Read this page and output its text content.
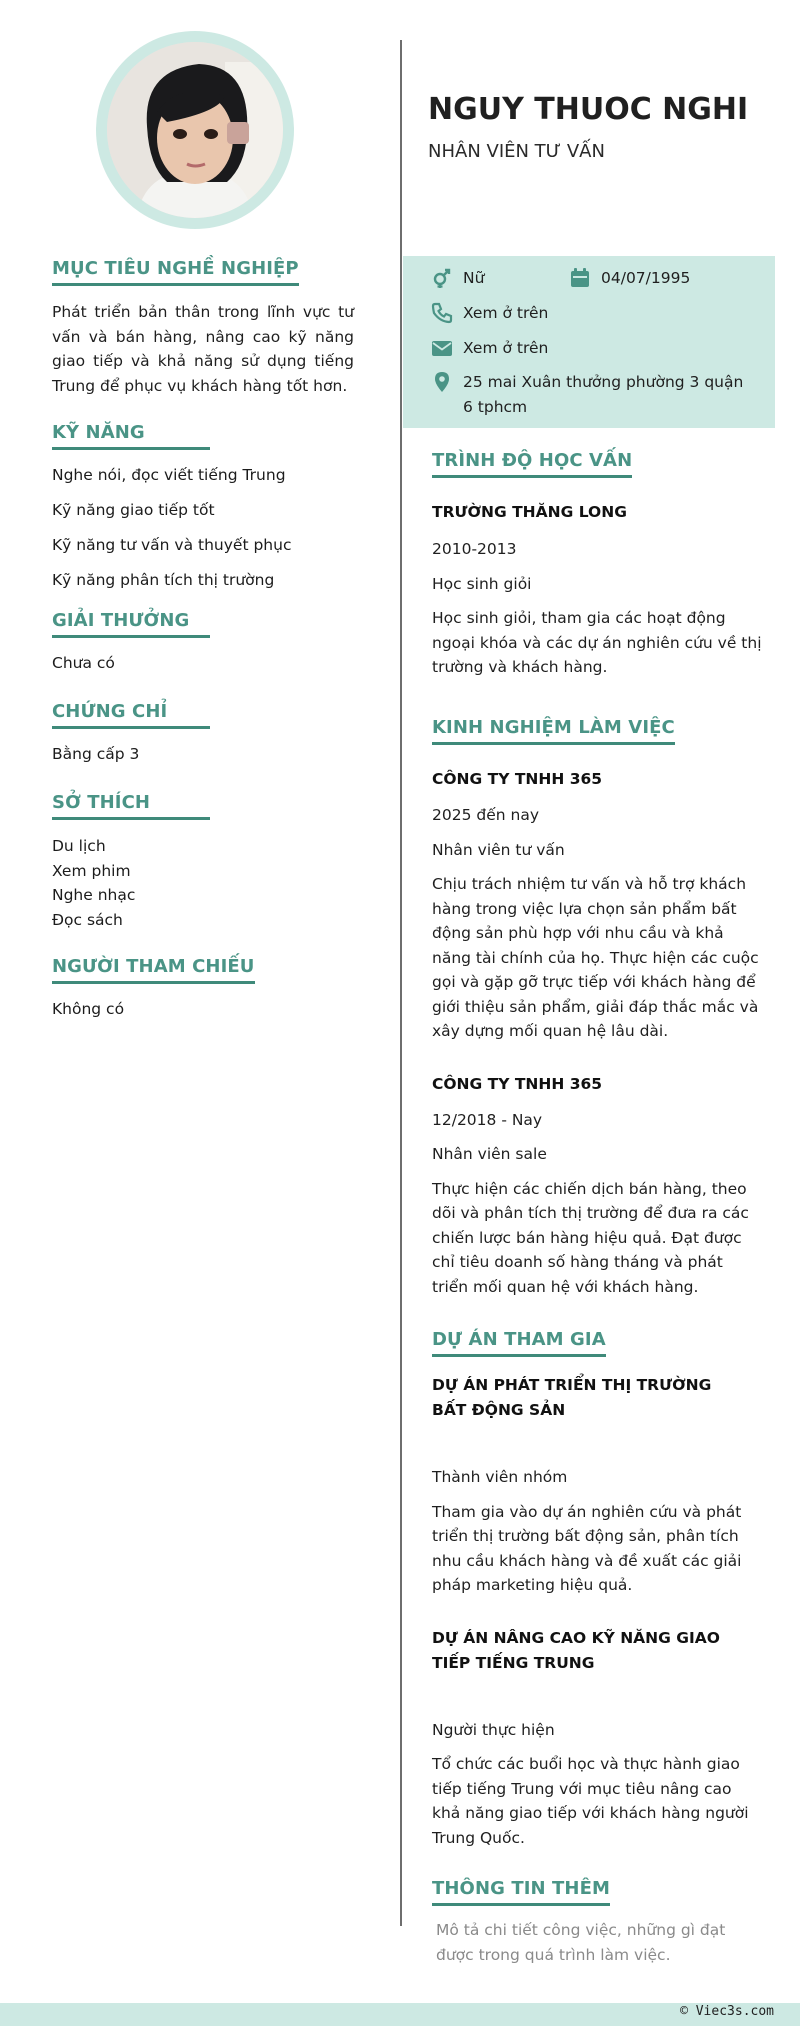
MỤC TIÊU NGHỀ NGHIỆP
Phát triển bản thân trong lĩnh vực tư vấn và bán hàng, nâng cao kỹ năng giao tiếp và khả năng sử dụng tiếng Trung để phục vụ khách hàng tốt hơn.
KỸ NĂNG
Nghe nói, đọc viết tiếng Trung
Kỹ năng giao tiếp tốt
Kỹ năng tư vấn và thuyết phục
Kỹ năng phân tích thị trường
GIẢI THƯỞNG
Chưa có
CHỨNG CHỈ
Bằng cấp 3
SỞ THÍCH
Du lịch
Xem phim
Nghe nhạc
Đọc sách
NGƯỜI THAM CHIẾU
Không có
NGUY THUOC NGHI
NHÂN VIÊN TƯ VẤN
Nữ	04/07/1995
Xem ở trên
Xem ở trên
25 mai Xuân thưởng phường 3 quận 6 tphcm
TRÌNH ĐỘ HỌC VẤN
TRƯỜNG THĂNG LONG
2010-2013
Học sinh giỏi
Học sinh giỏi, tham gia các hoạt động ngoại khóa và các dự án nghiên cứu về thị trường và khách hàng.
KINH NGHIỆM LÀM VIỆC
CÔNG TY TNHH 365
2025 đến nay
Nhân viên tư vấn
Chịu trách nhiệm tư vấn và hỗ trợ khách hàng trong việc lựa chọn sản phẩm bất động sản phù hợp với nhu cầu và khả năng tài chính của họ. Thực hiện các cuộc gọi và gặp gỡ trực tiếp với khách hàng để giới thiệu sản phẩm, giải đáp thắc mắc và xây dựng mối quan hệ lâu dài.
CÔNG TY TNHH 365
12/2018 - Nay
Nhân viên sale
Thực hiện các chiến dịch bán hàng, theo dõi và phân tích thị trường để đưa ra các chiến lược bán hàng hiệu quả. Đạt được chỉ tiêu doanh số hàng tháng và phát triển mối quan hệ với khách hàng.
DỰ ÁN THAM GIA
DỰ ÁN PHÁT TRIỂN THỊ TRƯỜNG BẤT ĐỘNG SẢN
Thành viên nhóm
Tham gia vào dự án nghiên cứu và phát triển thị trường bất động sản, phân tích nhu cầu khách hàng và đề xuất các giải pháp marketing hiệu quả.
DỰ ÁN NÂNG CAO KỸ NĂNG GIAO TIẾP TIẾNG TRUNG
Người thực hiện
Tổ chức các buổi học và thực hành giao tiếp tiếng Trung với mục tiêu nâng cao khả năng giao tiếp với khách hàng người Trung Quốc.
THÔNG TIN THÊM
Mô tả chi tiết công việc, những gì đạt được trong quá trình làm việc.
© Viec3s.com
